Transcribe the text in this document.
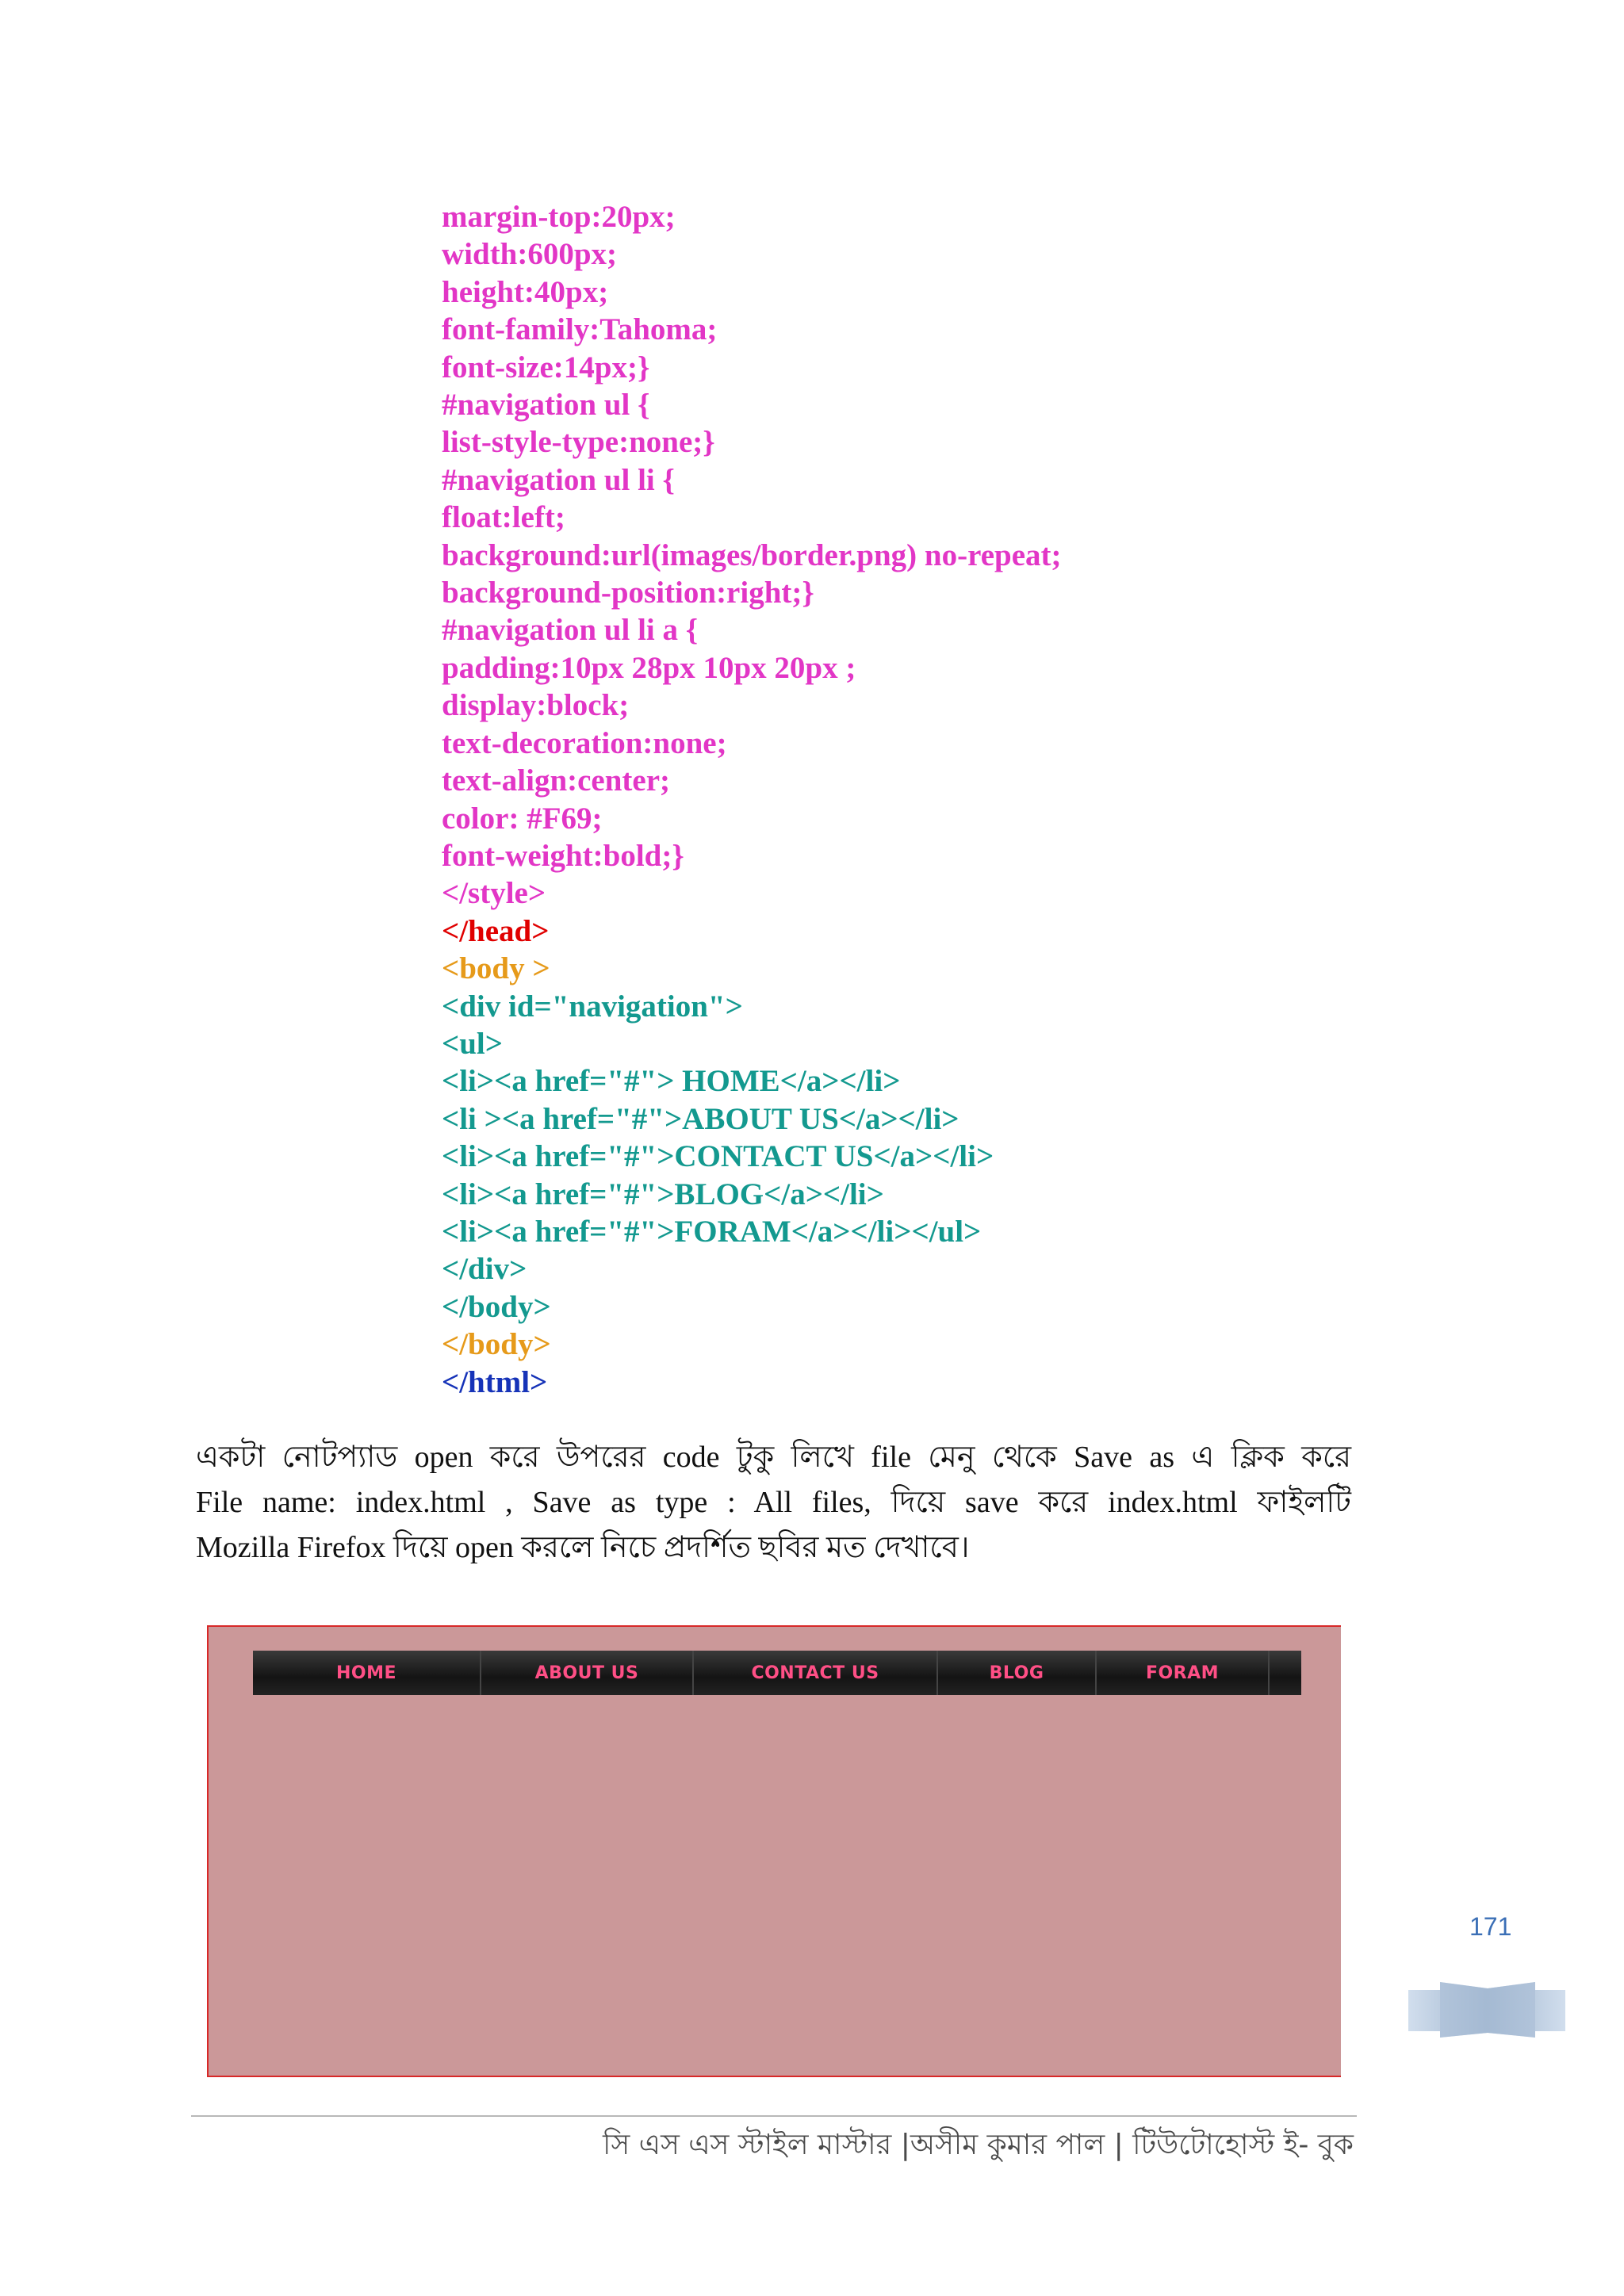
margin-top:20px;
width:600px;
height:40px;
font-family:Tahoma;
font-size:14px;}
#navigation ul {
list-style-type:none;}
#navigation ul li {
float:left;
background:url(images/border.png) no-repeat;
background-position:right;}
#navigation ul li a {
padding:10px 28px 10px 20px ;
display:block;
text-decoration:none;
text-align:center;
color: #F69;
font-weight:bold;}
</style>
</head>
<body >
<div id="navigation">
<ul>
<li><a href="#"> HOME</a></li>
<li ><a href="#">ABOUT US</a></li>
<li><a href="#">CONTACT US</a></li>
<li><a href="#">BLOG</a></li>
<li><a href="#">FORAM</a></li></ul>
</div>
</body>
</body>
</html>

একটা নোটপ্যাড open করে উপরের code টুকু লিখে file মেনু থেকে Save as এ ক্লিক করে

File name: index.html , Save as type : All files, দিয়ে save করে index.html ফাইলটি

Mozilla Firefox দিয়ে open করলে নিচে প্রদর্শিত ছবির মত দেখাবে।

HOME	ABOUT US	CONTACT US	BLOG	FORAM
171
সি এস এস স্টাইল মাস্টার |অসীম কুমার পাল | টিউটোহোস্ট ই- বুক
